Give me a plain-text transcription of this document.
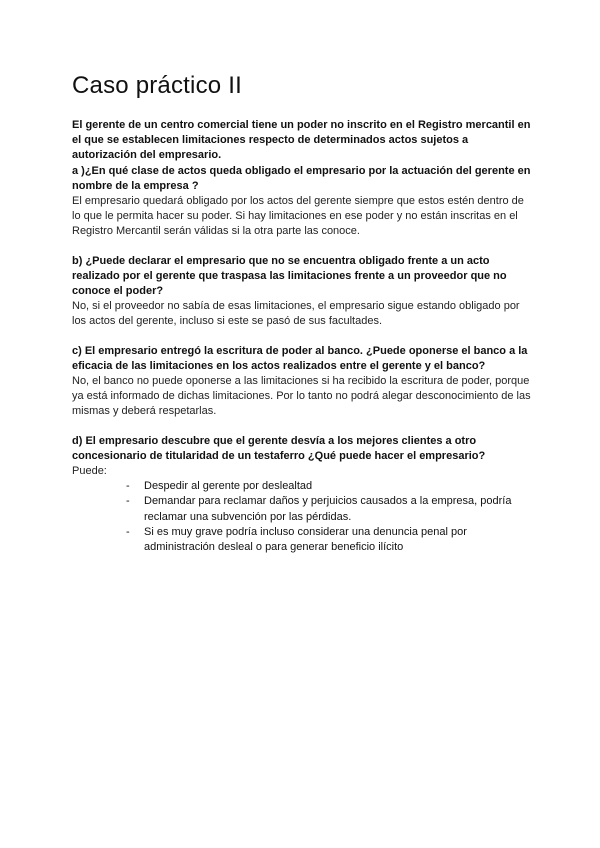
Caso práctico II

El gerente de un centro comercial tiene un poder no inscrito en el Registro mercantil en el que se establecen limitaciones respecto de determinados actos sujetos a autorización del empresario.

a )¿En qué clase de actos queda obligado el empresario por la actuación del gerente en nombre de la empresa ?

El empresario quedará obligado por los actos del gerente siempre que estos estén dentro de lo que le permita hacer su poder. Si hay limitaciones en ese poder y no están inscritas en el Registro Mercantil serán válidas si la otra parte las conoce.

b) ¿Puede declarar el empresario que no se encuentra obligado frente a un acto realizado por el gerente que traspasa las limitaciones frente a un proveedor que no conoce el poder?

No, si el proveedor no sabía de esas limitaciones, el empresario sigue estando obligado por los actos del gerente, incluso si este se pasó de sus facultades.

c) El empresario entregó la escritura de poder al banco. ¿Puede oponerse el banco a la eficacia de las limitaciones en los actos realizados entre el gerente y el banco?

No, el banco no puede oponerse a las limitaciones si ha recibido la escritura de poder, porque ya está informado de dichas limitaciones. Por lo tanto no podrá alegar desconocimiento de las mismas y deberá respetarlas.

d) El empresario descubre que el gerente desvía a los mejores clientes a otro concesionario de titularidad de un testaferro ¿Qué puede hacer el empresario?

Puede:

- Despedir al gerente por deslealtad
- Demandar para reclamar daños y perjuicios causados a la empresa, podría reclamar una subvención por las pérdidas.
- Si es muy grave podría incluso considerar una denuncia penal por administración desleal o para generar beneficio ilícito
